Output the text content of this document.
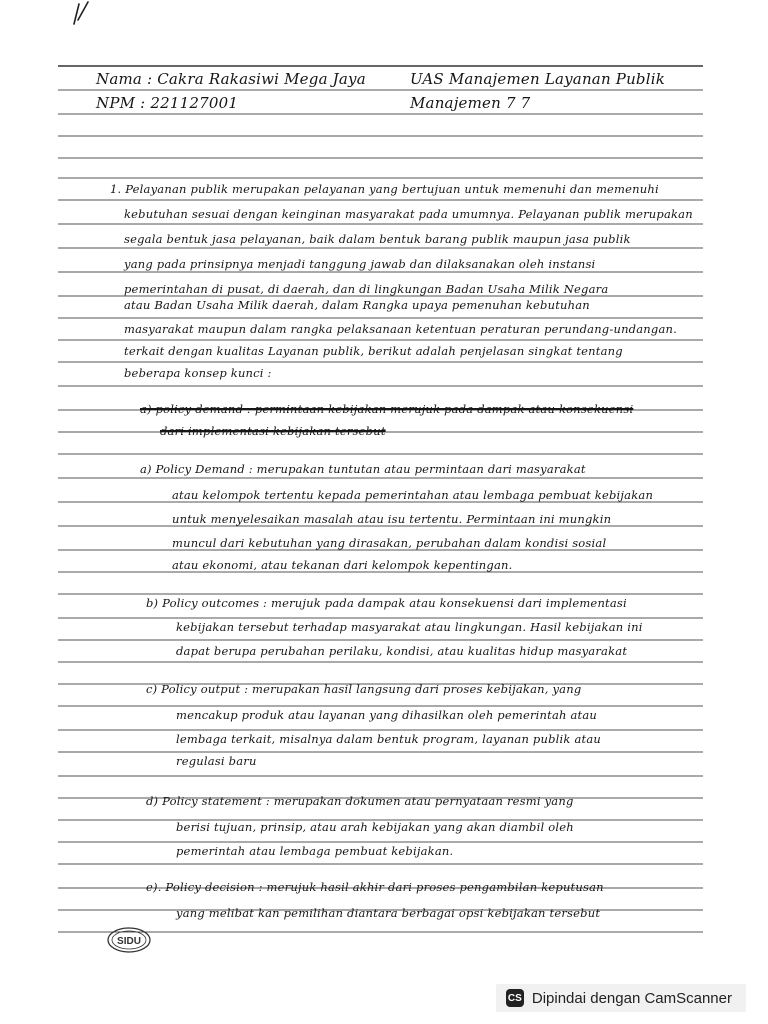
Nama : Cakra Rakasiwi Mega Jaya
NPM : 221127001
UAS Manajemen Layanan Publik
Manajemen 7 7
1. Pelayanan publik merupakan pelayanan yang bertujuan untuk memenuhi dan memenuhi
kebutuhan sesuai dengan keinginan masyarakat pada umumnya. Pelayanan publik merupakan
segala bentuk jasa pelayanan, baik dalam bentuk barang publik maupun jasa publik
yang pada prinsipnya menjadi tanggung jawab dan dilaksanakan oleh instansi
pemerintahan di pusat, di daerah, dan di lingkungan Badan Usaha Milik Negara
atau Badan Usaha Milik daerah, dalam Rangka upaya pemenuhan kebutuhan
masyarakat maupun dalam rangka pelaksanaan ketentuan peraturan perundang-undangan.
terkait dengan kualitas Layanan publik, berikut adalah penjelasan singkat tentang
beberapa konsep kunci :
a) policy demand : permintaan kebijakan merujuk pada dampak atau konsekuensi
dari implementasi kebijakan tersebut
a) Policy Demand : merupakan tuntutan atau permintaan dari masyarakat
atau kelompok tertentu kepada pemerintahan atau lembaga pembuat kebijakan
untuk menyelesaikan masalah atau isu tertentu. Permintaan ini mungkin
muncul dari kebutuhan yang dirasakan, perubahan dalam kondisi sosial
atau ekonomi, atau tekanan dari kelompok kepentingan.
b) Policy outcomes : merujuk pada dampak atau konsekuensi dari implementasi
kebijakan tersebut terhadap masyarakat atau lingkungan. Hasil kebijakan ini
dapat berupa perubahan perilaku, kondisi, atau kualitas hidup masyarakat
c) Policy output : merupakan hasil langsung dari proses kebijakan, yang
mencakup produk atau layanan yang dihasilkan oleh pemerintah atau
lembaga terkait, misalnya dalam bentuk program, layanan publik atau
regulasi baru
d) Policy statement : merupakan dokumen atau pernyataan resmi yang
berisi tujuan, prinsip, atau arah kebijakan yang akan diambil oleh
pemerintah atau lembaga pembuat kebijakan.
e). Policy decision : merujuk hasil akhir dari proses pengambilan keputusan
yang melibat kan pemilihan diantara berbagai opsi kebijakan tersebut
SIDU
CS Dipindai dengan CamScanner
